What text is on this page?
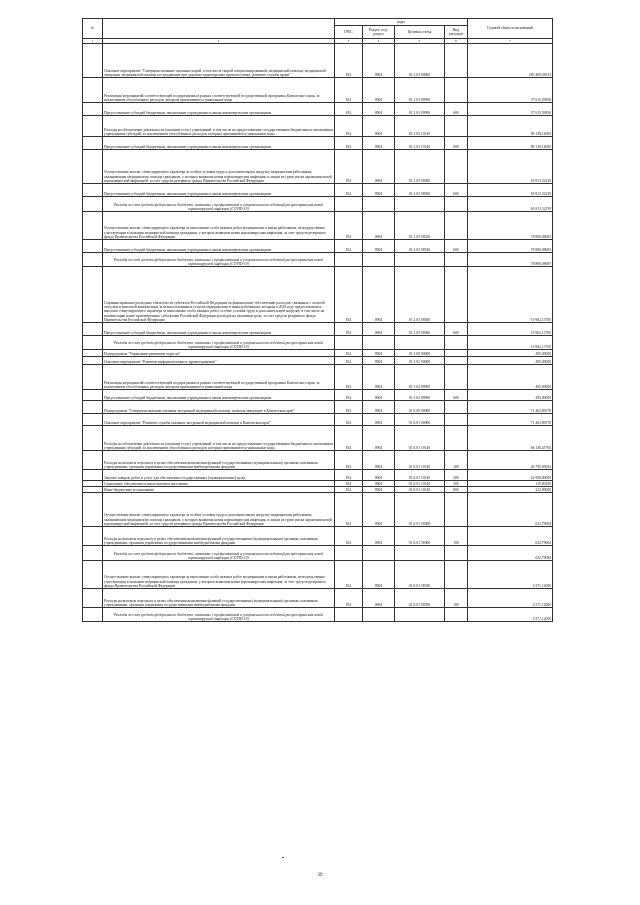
№		коды				Годовой объем ассигнований
		ГРБС	Раздел, под-раздел	Целевая статья	Вид расходов	
1	2	3	4	5	6	7
	Основное мероприятие "Совершенствование оказания скорой, в том числе скорой специализированной, медицинской помощи, медицинской эвакуации, медицинской помощи пострадавшим при дорожно-транспортных происшествиях, развитие службы крови"	814	0904	01 2 03 00000		283 409,28533
	Реализация мероприятий соответствующей подпрограммы в рамках соответствующей государственной программы Камчатского края, за исключением обособленных расходов, которым присваиваются уникальные коды	814	0904	01 2 03 09990		37 615,59830
	Предоставление субсидий бюджетным, автономным учреждениям и иным некоммерческим организациям	814	0904	01 2 03 09990	600	37 615,59830
	Расходы на обеспечение деятельности (оказание услуг) учреждений, в том числе на предоставление государственным бюджетным и автономным учреждениям субсидий, за исключением обособленных расходов, которым присваиваются уникальные коды	814	0904	01 2 03 10140		89 138,14000
	Предоставление субсидий бюджетным, автономным учреждениям и иным некоммерческим организациям	814	0904	01 2 03 10140	600	89 138,14000
	Осуществление выплат стимулирующего характера за особые условия труда и дополнительную нагрузку медицинским работникам, оказывающим медицинскую помощь гражданам, у которых выявлена новая коронавирусная инфекция, и лицам из групп риска заражения новой коронавирусной инфекцией, за счет средств резервного фонда Правительства Российской Федерации	814	0904	01 2 03 58300		65 813,32339
	Предоставление субсидий бюджетным, автономным учреждениям и иным некоммерческим организациям	814	0904	01 2 03 58300	600	65 813,32339
	Расходы за счет средств федерального бюджета, связанные с профилактикой и устранением последствий распространения новой коронавирусной инфекции (COVID-19)					65 813,32339
	Осуществление выплат стимулирующего характера за выполнение особо важных работ медицинским и иным работникам, непосредственно участвующим в оказании медицинской помощи гражданам, у которых выявлена новая коронавирусная инфекция, за счет средств резервного фонда Правительства Российской Федерации	814	0904	01 2 03 58330		78 880,08683
	Предоставление субсидий бюджетным, автономным учреждениям и иным некоммерческим организациям	814	0904	01 2 03 58330	600	78 880,08683
	Расходы за счет средств федерального бюджета, связанные с профилактикой и устранением последствий распространения новой коронавирусной инфекции (COVID-19)					78 880,08683
	Софинансирование расходных обязательств субъектов Российской Федерации по финансовому обеспечению расходов, связанных с оплатой отпусков и выплатой компенсации за неиспользованные отпуска медицинским и иным работникам, которым в 2020 году предоставлялись выплаты стимулирующего характера за выполнение особо важных работ, особые условия труда и дополнительную нагрузку, в том числе на компенсацию ранее произведенных субъектами Российской Федерации расходов на указанные цели, за счет средств резервного фонда Правительства Российской Федерации	814	0904	01 2 03 58360		10 962,13700
	Предоставление субсидий бюджетным, автономным учреждениям и иным некоммерческим организациям	814	0904	01 2 03 58360	600	10 962,13700
	Расходы за счет средств федерального бюджета, связанные с профилактикой и устранением последствий распространения новой коронавирусной инфекции (COVID-19)					10 962,13700
	Подпрограмма "Управление развитием отрасли"	814	0904	01 3 00 00000		495,00000
	Основное мероприятие "Развитие информатизации в здравоохранении"	814	0904	01 3 02 00000		495,00000
	Реализация мероприятий соответствующей подпрограммы в рамках соответствующей государственной программы Камчатского края, за исключением обособленных расходов, которым присваиваются уникальные коды	814	0904	01 3 02 09990		495,00000
	Предоставление субсидий бюджетным, автономным учреждениям и иным некоммерческим организациям	814	0904	01 3 02 09990	600	495,00000
	Подпрограмма "Совершенствование оказания экстренной медицинской помощи, включая эвакуацию в Камчатском крае"	814	0904	01 Б 00 00000		71 463,89578
	Основное мероприятие "Развитие службы оказания экстренной медицинской помощи в Камчатском крае"	814	0904	01 Б 01 00000		71 463,89578
	Расходы на обеспечение деятельности (оказание услуг) учреждений, в том числе на предоставление государственным бюджетным и автономным учреждениям субсидий, за исключением обособленных расходов, которым присваиваются уникальные коды	814	0904	01 Б 01 10140		66 136,45794
	Расходы на выплаты персоналу в целях обеспечения выполнения функций государственными (муниципальными) органами, казенными учреждениями, органами управления государственными внебюджетными фондами	814	0904	01 Б 01 10140	100	40 795,85694
	Закупка товаров, работ и услуг для обеспечения государственных (муниципальных) нужд	814	0904	01 Б 01 10140	200	24 998,80000
	Социальное обеспечение и иные выплаты населению	814	0904	01 Б 01 10140	300	119,80100
	Иные бюджетные ассигнования	814	0904	01 Б 01 10140	800	222,00000
	Осуществление выплат стимулирующего характера за особые условия труда и дополнительную нагрузку медицинским работникам, оказывающим медицинскую помощь гражданам, у которых выявлена новая коронавирусная инфекция, и лицам из групп риска заражения новой коронавирусной инфекцией, за счет средств резервного фонда Правительства Российской Федерации	814	0904	01 Б 01 58300		632,79084
	Расходы на выплаты персоналу в целях обеспечения выполнения функций государственными (муниципальными) органами, казенными учреждениями, органами управления государственными внебюджетными фондами	814	0904	01 Б 01 58300	100	632,79084
	Расходы за счет средств федерального бюджета, связанные с профилактикой и устранением последствий распространения новой коронавирусной инфекции (COVID-19)					632,79084
	Осуществление выплат стимулирующего характера за выполнение особо важных работ медицинским и иным работникам, непосредственно участвующим в оказании медицинской помощи гражданам, у которых выявлена новая коронавирусная инфекция, за счет средств резервного фонда Правительства Российской Федерации	814	0904	01 Б 01 58330		4 571,12000
	Расходы на выплаты персоналу в целях обеспечения выполнения функций государственными (муниципальными) органами, казенными учреждениями, органами управления государственными внебюджетными фондами	814	0904	01 Б 01 58330	100	4 571,12000
	Расходы за счет средств федерального бюджета, связанные с профилактикой и устранением последствий распространения новой коронавирусной инфекции (COVID-19)					4 571,12000
39
